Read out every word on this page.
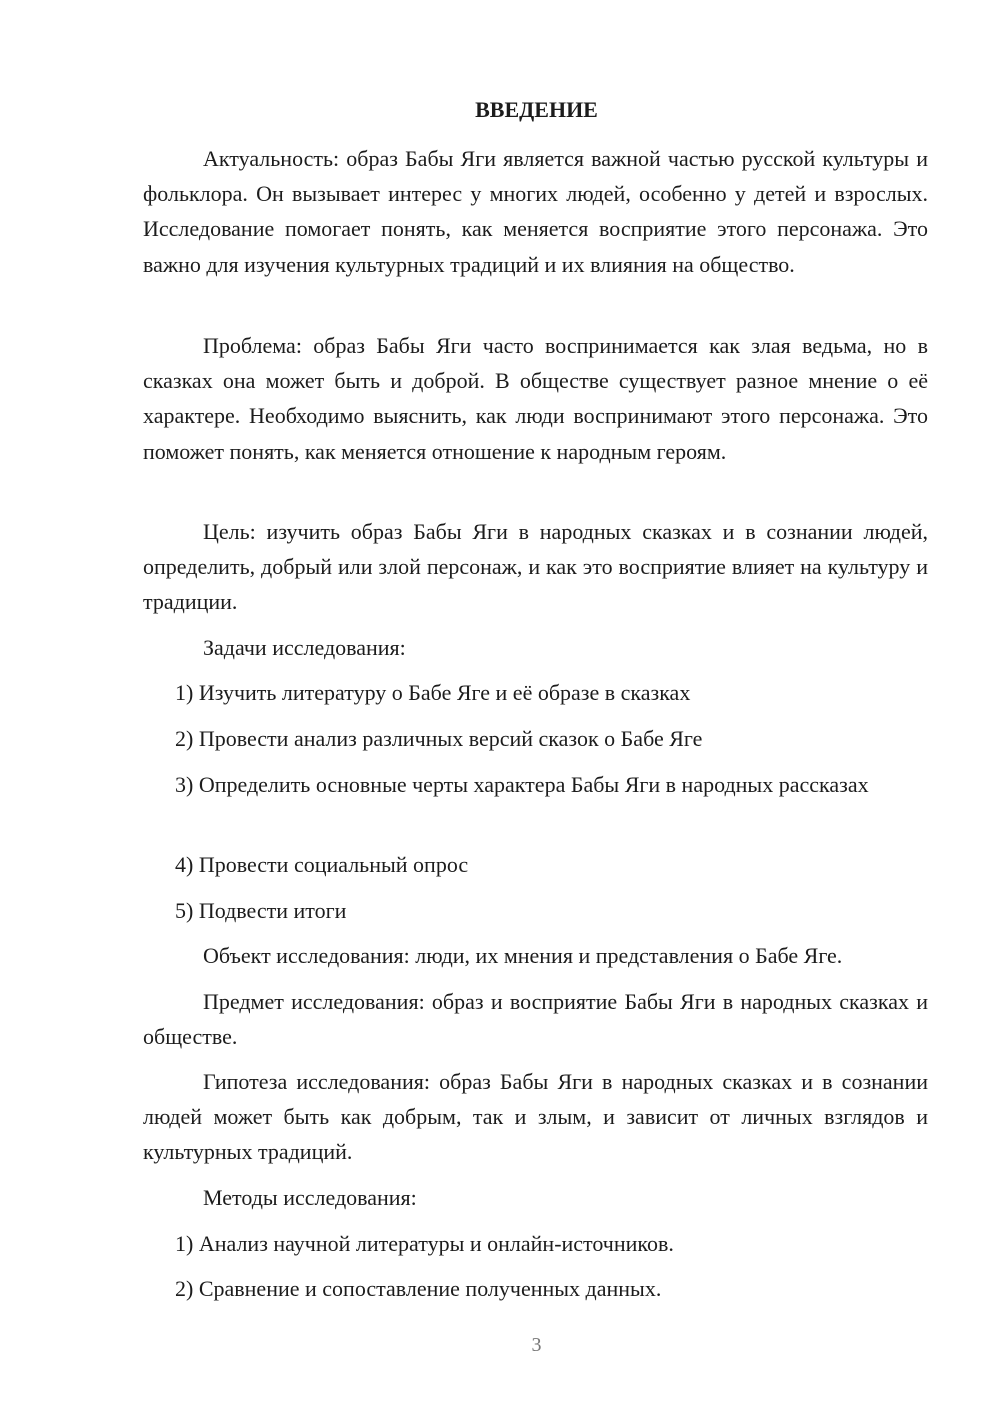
ВВЕДЕНИЕ

Актуальность: образ Бабы Яги является важной частью русской культуры и фольклора. Он вызывает интерес у многих людей, особенно у детей и взрослых. Исследование помогает понять, как меняется восприятие этого персонажа. Это важно для изучения культурных традиций и их влияния на общество.

Проблема: образ Бабы Яги часто воспринимается как злая ведьма, но в сказках она может быть и доброй. В обществе существует разное мнение о её характере. Необходимо выяснить, как люди воспринимают этого персонажа. Это поможет понять, как меняется отношение к народным героям.

Цель: изучить образ Бабы Яги в народных сказках и в сознании людей, определить, добрый или злой персонаж, и как это восприятие влияет на культуру и традиции.

Задачи исследования:

1) Изучить литературу о Бабе Яге и её образе в сказках

2) Провести анализ различных версий сказок о Бабе Яге

3) Определить основные черты характера Бабы Яги в народных рассказах

4) Провести социальный опрос

5) Подвести итоги

Объект исследования: люди, их мнения и представления о Бабе Яге.

Предмет исследования: образ и восприятие Бабы Яги в народных сказках и обществе.

Гипотеза исследования: образ Бабы Яги в народных сказках и в сознании людей может быть как добрым, так и злым, и зависит от личных взглядов и культурных традиций.

Методы исследования:

1) Анализ научной литературы и онлайн-источников.

2) Сравнение и сопоставление полученных данных.

3
